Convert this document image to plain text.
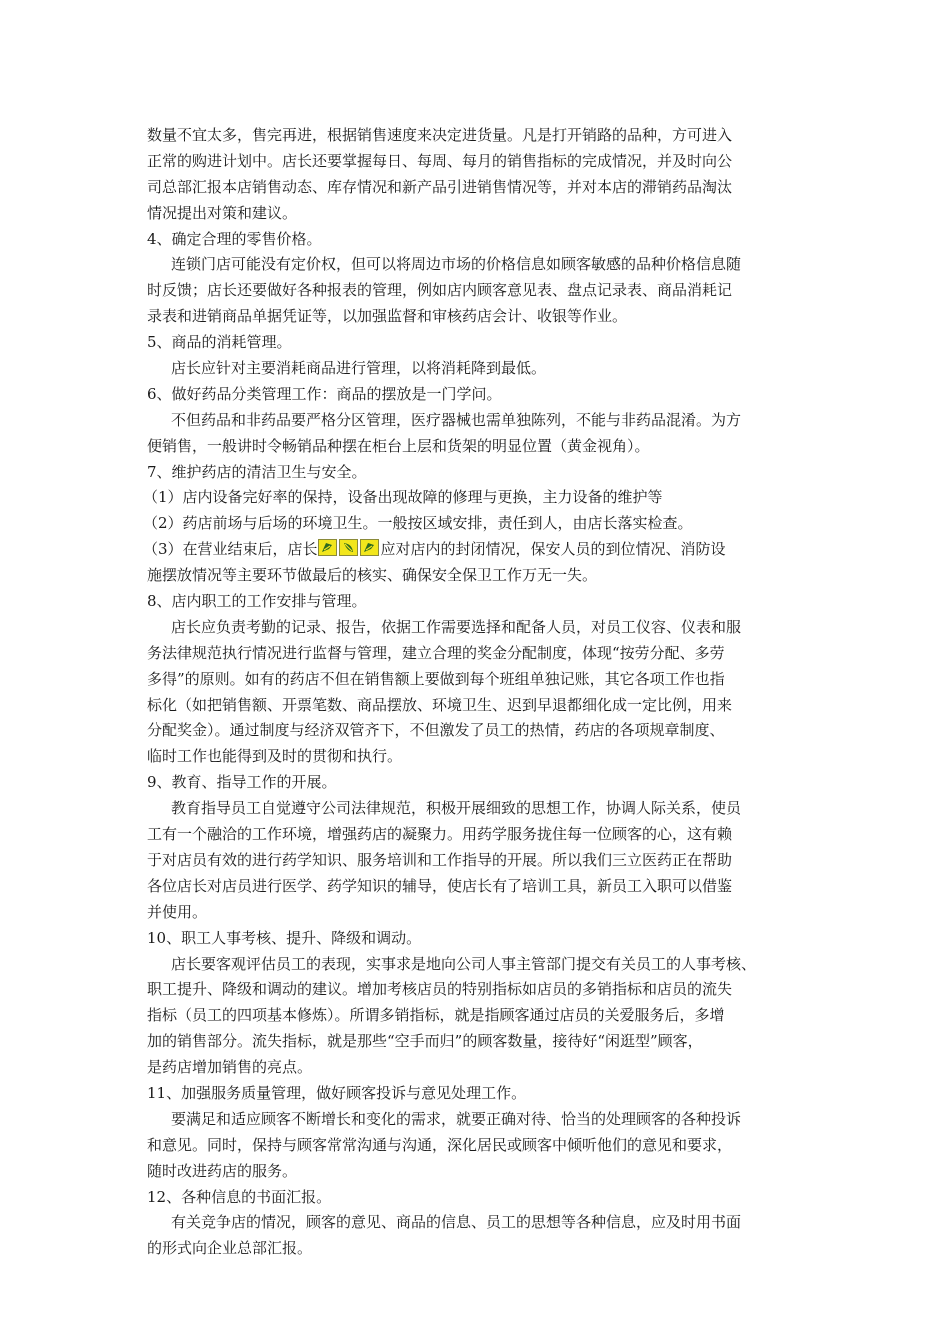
数量不宜太多，售完再进，根据销售速度来决定进货量。凡是打开销路的品种，方可进入
正常的购进计划中。店长还要掌握每日、每周、每月的销售指标的完成情况，并及时向公
司总部汇报本店销售动态、库存情况和新产品引进销售情况等，并对本店的滞销药品淘汰
情况提出对策和建议。
4、确定合理的零售价格。
连锁门店可能没有定价权，但可以将周边市场的价格信息如顾客敏感的品种价格信息随
时反馈；店长还要做好各种报表的管理，例如店内顾客意见表、盘点记录表、商品消耗记
录表和进销商品单据凭证等，以加强监督和审核药店会计、收银等作业。
5、商品的消耗管理。
店长应针对主要消耗商品进行管理，以将消耗降到最低。
6、做好药品分类管理工作：商品的摆放是一门学问。
不但药品和非药品要严格分区管理，医疗器械也需单独陈列，不能与非药品混淆。为方
便销售，一般讲时令畅销品种摆在柜台上层和货架的明显位置（黄金视角）。
7、维护药店的清洁卫生与安全。
（1）店内设备完好率的保持，设备出现故障的修理与更换，主力设备的维护等
（2）药店前场与后场的环境卫生。一般按区域安排，责任到人，由店长落实检查。
（3）在营业结束后，店长	应对店内的封闭情况，保安人员的到位情况、消防设
施摆放情况等主要环节做最后的核实、确保安全保卫工作万无一失。
8、店内职工的工作安排与管理。
店长应负责考勤的记录、报告，依据工作需要选择和配备人员，对员工仪容、仪表和服
务法律规范执行情况进行监督与管理，建立合理的奖金分配制度，体现“按劳分配、多劳
多得”的原则。如有的药店不但在销售额上要做到每个班组单独记账，其它各项工作也指
标化（如把销售额、开票笔数、商品摆放、环境卫生、迟到早退都细化成一定比例，用来
分配奖金）。通过制度与经济双管齐下，不但激发了员工的热情，药店的各项规章制度、
临时工作也能得到及时的贯彻和执行。
9、教育、指导工作的开展。
教育指导员工自觉遵守公司法律规范，积极开展细致的思想工作，协调人际关系，使员
工有一个融洽的工作环境，增强药店的凝聚力。用药学服务拢住每一位顾客的心，这有赖
于对店员有效的进行药学知识、服务培训和工作指导的开展。所以我们三立医药正在帮助
各位店长对店员进行医学、药学知识的辅导，使店长有了培训工具，新员工入职可以借鉴
并使用。
10、职工人事考核、提升、降级和调动。
店长要客观评估员工的表现，实事求是地向公司人事主管部门提交有关员工的人事考核、
职工提升、降级和调动的建议。增加考核店员的特别指标如店员的多销指标和店员的流失
指标（员工的四项基本修炼）。所谓多销指标，就是指顾客通过店员的关爱服务后，多增
加的销售部分。流失指标，就是那些“空手而归”的顾客数量，接待好“闲逛型”顾客，
是药店增加销售的亮点。
11、加强服务质量管理，做好顾客投诉与意见处理工作。
要满足和适应顾客不断增长和变化的需求，就要正确对待、恰当的处理顾客的各种投诉
和意见。同时，保持与顾客常常沟通与沟通，深化居民或顾客中倾听他们的意见和要求，
随时改进药店的服务。
12、各种信息的书面汇报。
有关竞争店的情况，顾客的意见、商品的信息、员工的思想等各种信息，应及时用书面
的形式向企业总部汇报。
